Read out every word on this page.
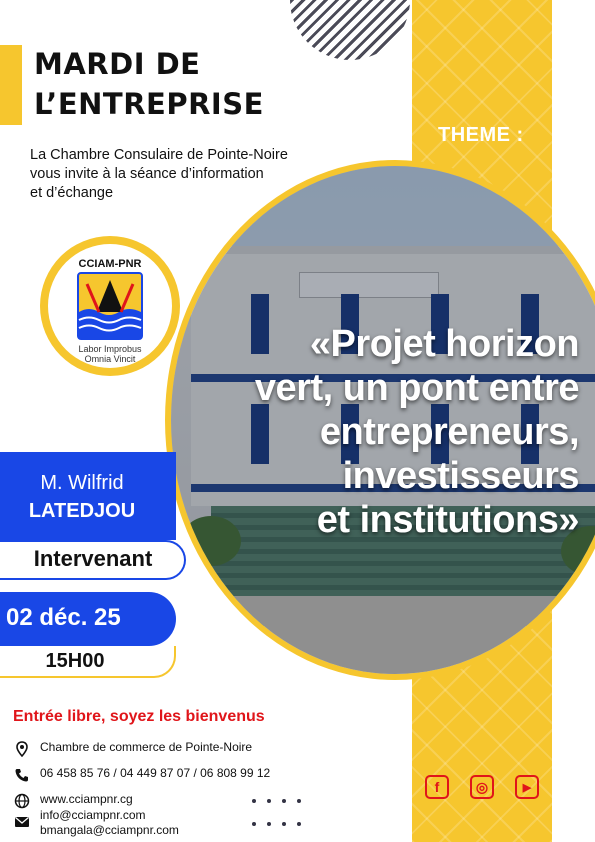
MARDI DE
L’ENTREPRISE
THEME :
La Chambre Consulaire de Pointe-Noire
vous invite à la séance d’information
et d’échange
«Projet horizon
vert, un pont entre
entrepreneurs,
investisseurs
et institutions»
CCIAM-PNR
Labor Improbus
Omnia Vincit
M. Wilfrid
LATEDJOU
Intervenant
02 déc. 25
15H00
Entrée libre, soyez les bienvenus
Chambre de commerce de Pointe-Noire
06 458 85 76 / 04 449 87 07 / 06 808 99 12
www.cciampnr.cg
info@cciampnr.com
bmangala@cciampnr.com
f	◎	▶
